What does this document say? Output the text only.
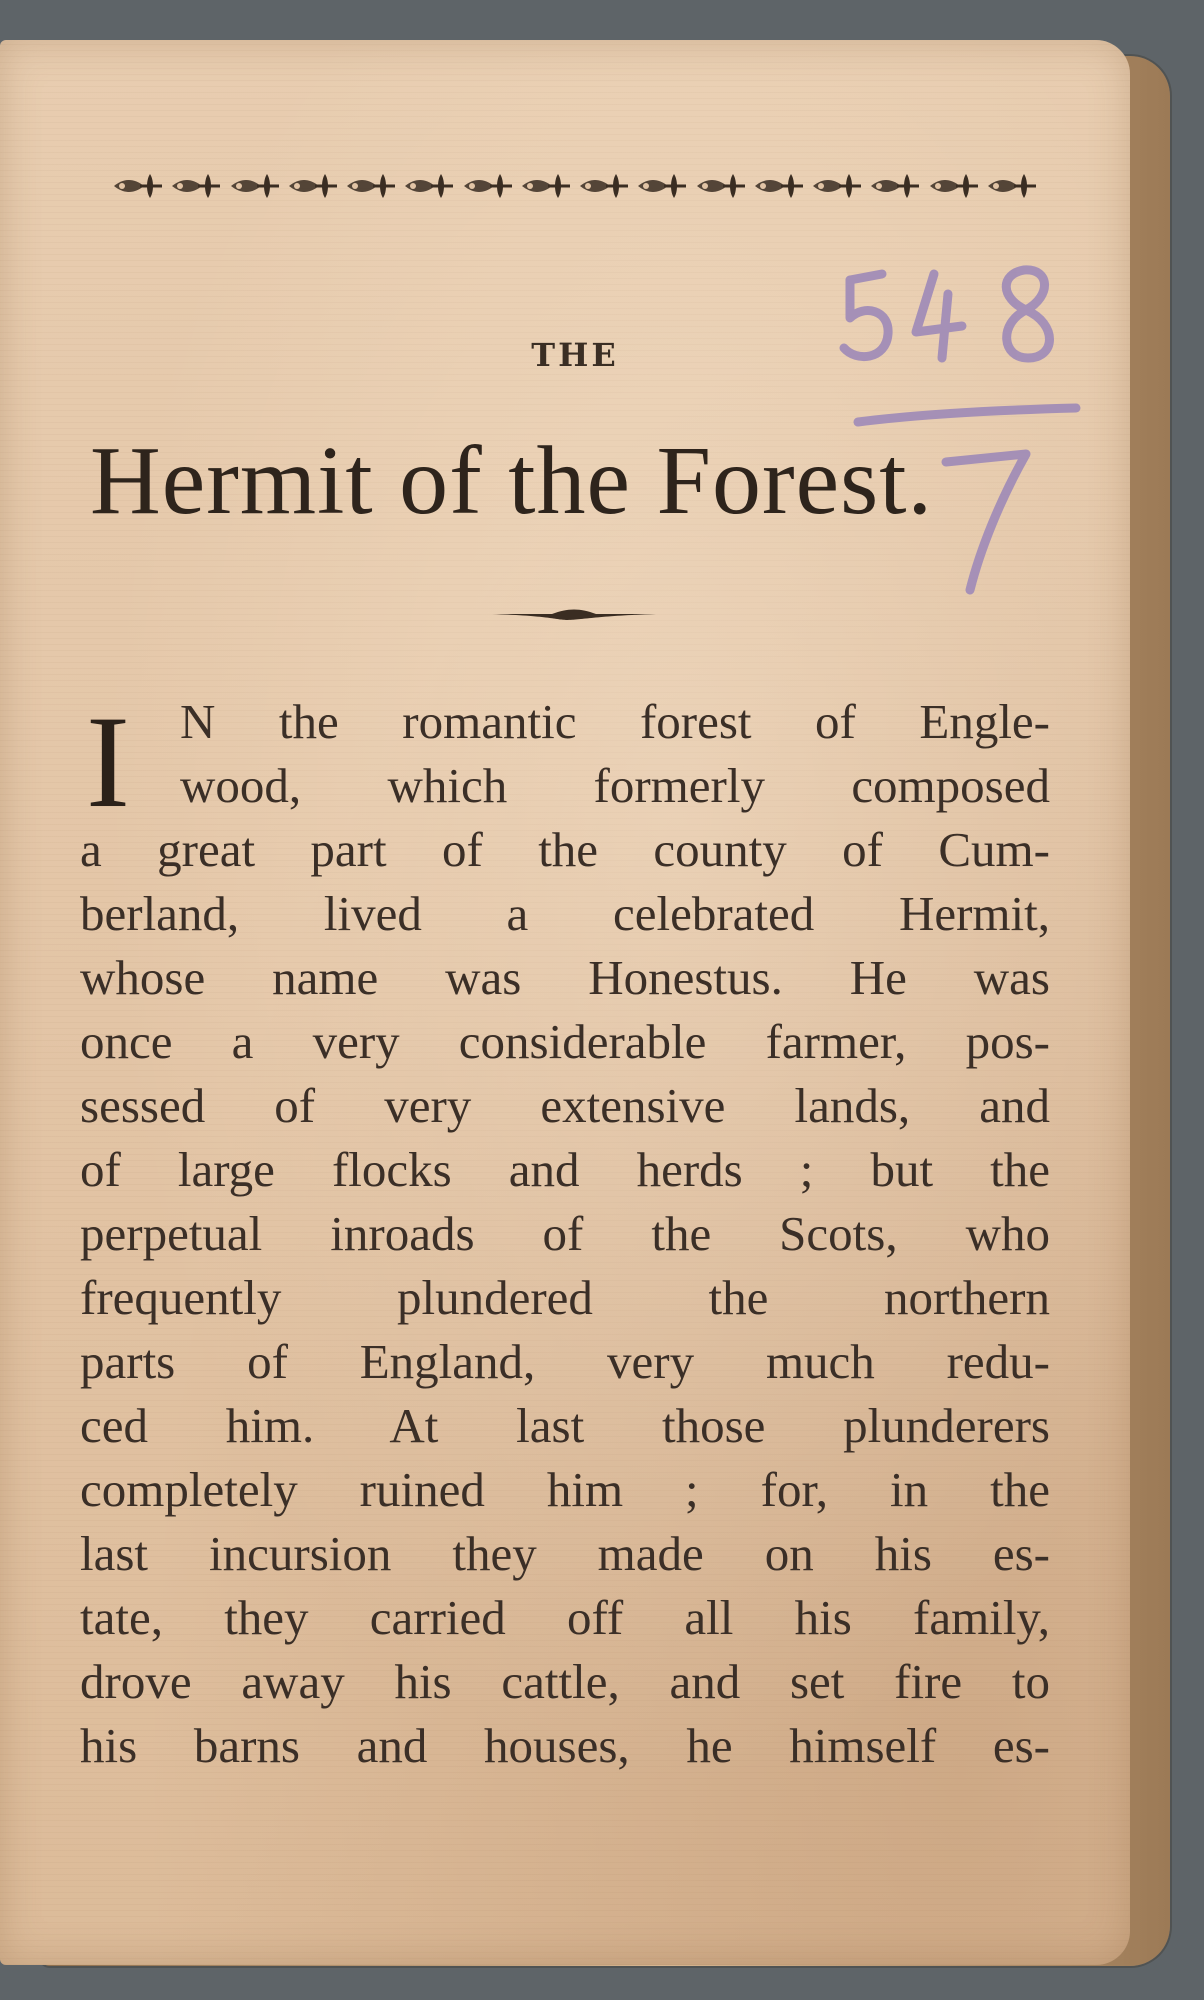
THE
Hermit of the Forest.
I	N the romantic forest of Engle-
wood, which formerly composed
a great part of the county of Cum-
berland, lived a celebrated Hermit,
whose name was Honestus. He was
once a very considerable farmer, pos-
sessed of very extensive lands, and
of large flocks and herds ; but the
perpetual inroads of the Scots, who
frequently plundered the northern
parts of England, very much redu-
ced him. At last those plunderers
completely ruined him ; for, in the
last incursion they made on his es-
tate, they carried off all his family,
drove away his cattle, and set fire to
his barns and houses, he himself es-
